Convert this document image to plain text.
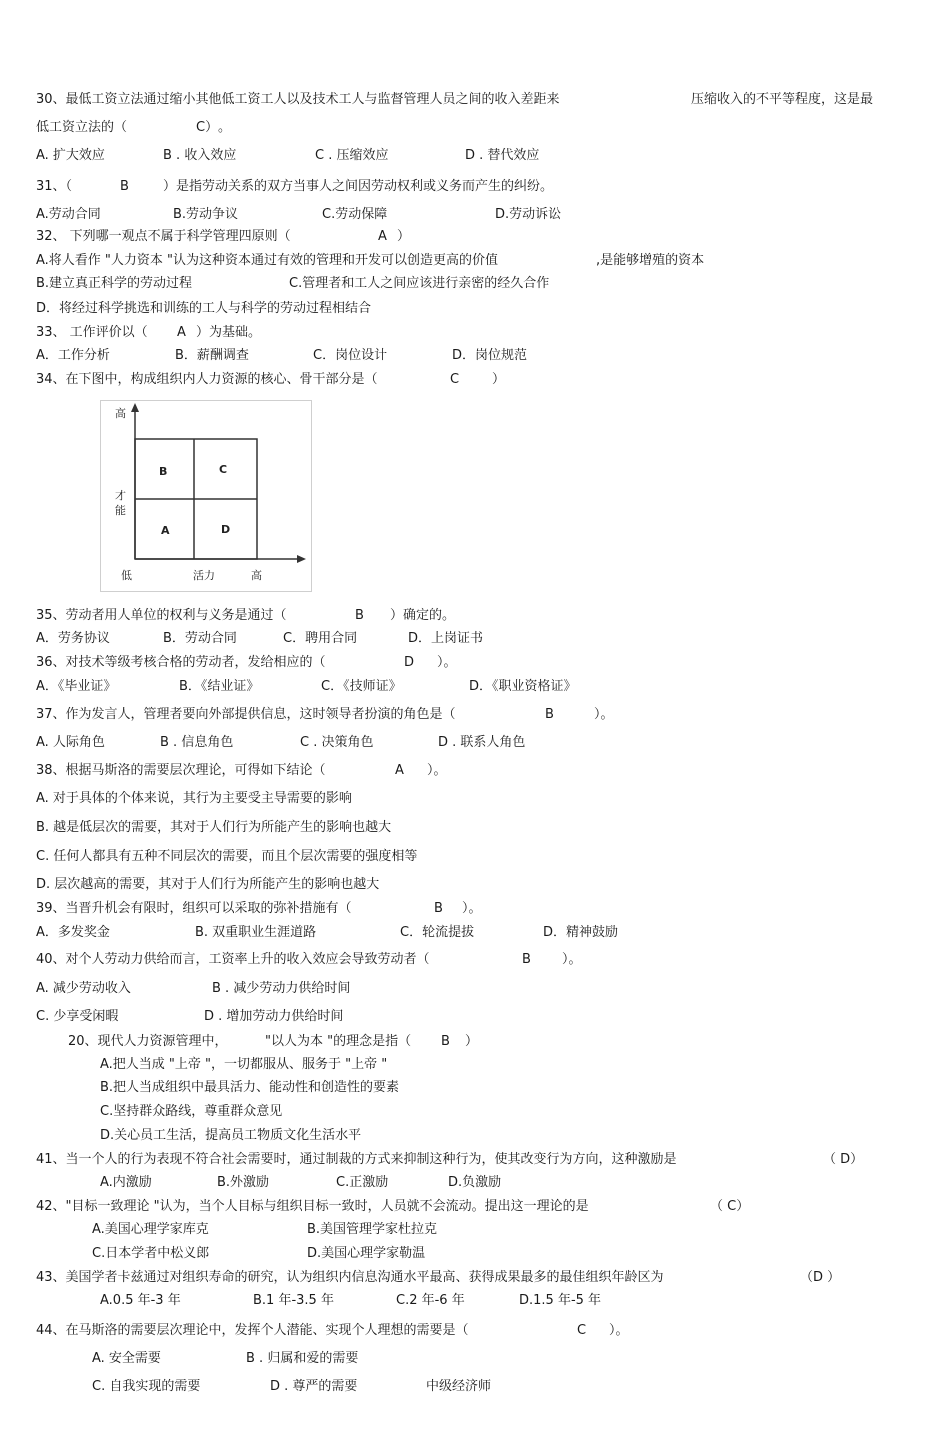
30、最低工资立法通过缩小其他低工资工人以及技术工人与监督管理人员之间的收入差距来	压缩收入的不平等程度，这是最
低工资立法的（	C） 。
A. 扩大效应	B . 收入效应	C . 压缩效应	D . 替代效应
31、（	B	）是指劳动关系的双方当事人之间因劳动权利或义务而产生的纠纷。
A.劳动合同	B.劳动争议	C.劳动保障	D.劳动诉讼
32、 下列哪一观点不属于科学管理四原则（	A ）
A.将人看作 "人力资本 "认为这种资本通过有效的管理和开发可以创造更高的价值	,是能够增殖的资本
B.建立真正科学的劳动过程	C.管理者和工人之间应该进行亲密的经久合作
D．将经过科学挑选和训练的工人与科学的劳动过程相结合
33、 工作评价以（ A ）为基础。
A．工作分析	B．薪酬调查	C．岗位设计	D．岗位规范
34、在下图中，构成组织内人力资源的核心、骨干部分是（	C	）
高
才
能
低	活力	高
B	C
A	D
35、劳动者用人单位的权利与义务是通过（	B ）确定的。
A．劳务协议	B．劳动合同	C．聘用合同	D．上岗证书
36、对技术等级考核合格的劳动者，发给相应的（	D ）。
A．《毕业证》	B．《结业证》	C．《技师证》	D．《职业资格证》
37、作为发言人，管理者要向外部提供信息，这时领导者扮演的角色是（	B	）。
A. 人际角色	B . 信息角色	C . 决策角色	D . 联系人角色
38、根据马斯洛的需要层次理论，可得如下结论（	A ）。
A. 对于具体的个体来说，其行为主要受主导需要的影响
B. 越是低层次的需要，其对于人们行为所能产生的影响也越大
C. 任何人都具有五种不同层次的需要，而且个层次需要的强度相等
D. 层次越高的需要，其对于人们行为所能产生的影响也越大
39、当晋升机会有限时，组织可以采取的弥补措施有（	B ）。
A．多发奖金	B. 双重职业生涯道路	C．轮流提拔	D．精神鼓励
40、对个人劳动力供给而言，工资率上升的收入效应会导致劳动者（	B ）。
A. 减少劳动收入	B . 减少劳动力供给时间
C. 少享受闲暇	D . 增加劳动力供给时间
20、现代人力资源管理中，	"以人为本 "的理念是指（ B ）
A.把人当成 "上帝 "，一切都服从、服务于 "上帝 "
B.把人当成组织中最具活力、能动性和创造性的要素
C.坚持群众路线，尊重群众意见
D.关心员工生活，提高员工物质文化生活水平
41、当一个人的行为表现不符合社会需要时，通过制裁的方式来抑制这种行为，使其改变行为方向，这种激励是	（ D）
A.内激励	B.外激励	C.正激励	D.负激励
42、"目标一致理论 "认为，当个人目标与组织目标一致时，人员就不会流动。提出这一理论的是	（ C）
A.美国心理学家库克	B.美国管理学家杜拉克
C.日本学者中松义郎	D.美国心理学家勒温
43、美国学者卡兹通过对组织寿命的研究，认为组织内信息沟通水平最高、获得成果最多的最佳组织年龄区为	（D ）
A.0.5 年-3 年	B.1 年-3.5 年	C.2 年-6 年	D.1.5 年-5 年
44、在马斯洛的需要层次理论中，发挥个人潜能、实现个人理想的需要是（	C ）。
A. 安全需要	B . 归属和爱的需要
C. 自我实现的需要	D . 尊严的需要	中级经济师
